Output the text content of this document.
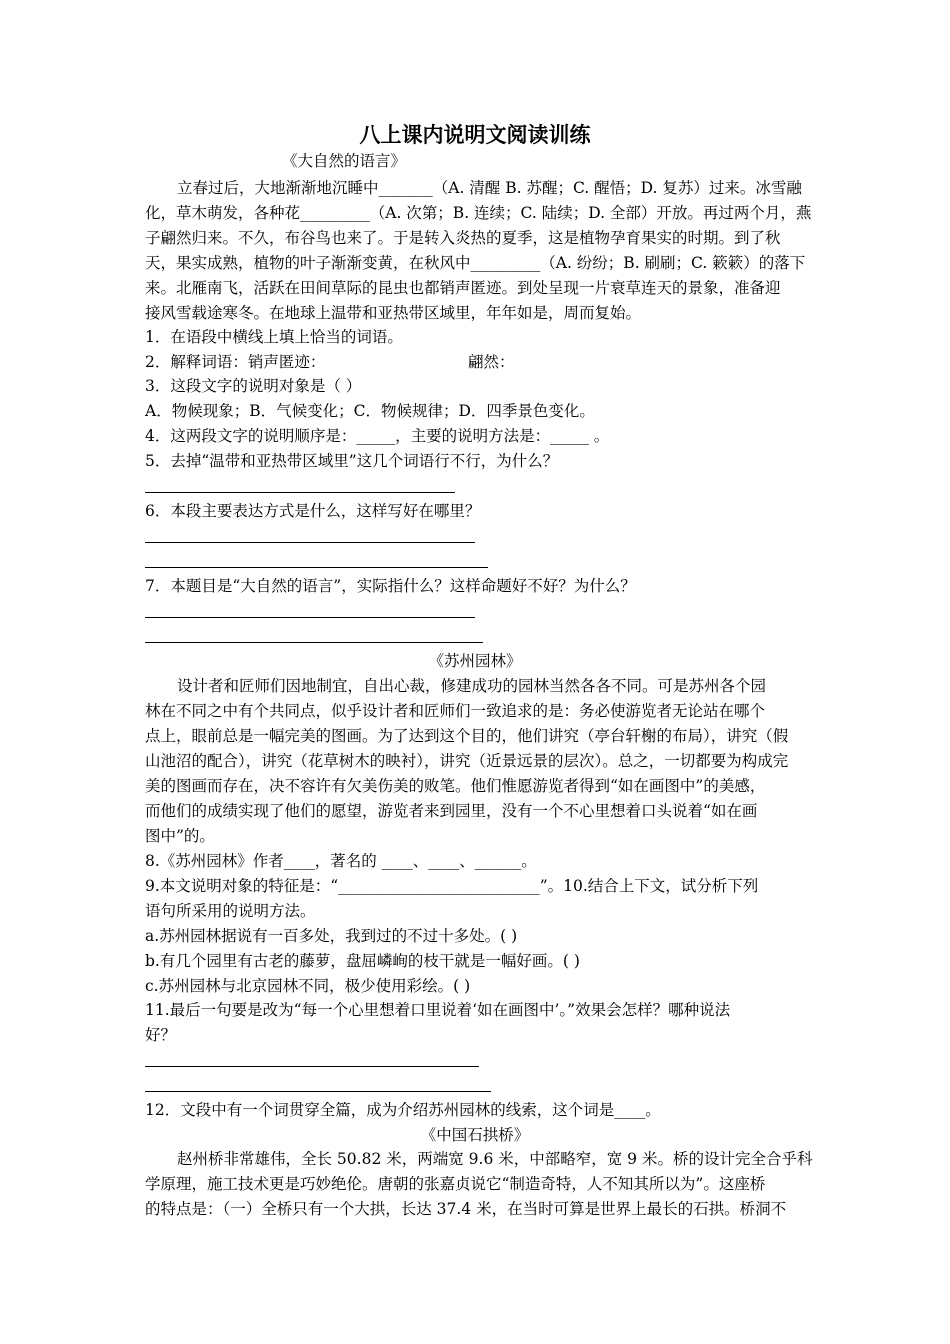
八上课内说明文阅读训练
《大自然的语言》
立春过后，大地渐渐地沉睡中_______（A. 清醒 B. 苏醒；C. 醒悟；D. 复苏）过来。冰雪融
化，草木萌发，各种花_________（A. 次第；B. 连续；C. 陆续；D. 全部）开放。再过两个月，燕
子翩然归来。不久，布谷鸟也来了。于是转入炎热的夏季，这是植物孕育果实的时期。到了秋
天，果实成熟，植物的叶子渐渐变黄，在秋风中_________（A. 纷纷；B. 刷刷；C. 簌簌）的落下
来。北雁南飞，活跃在田间草际的昆虫也都销声匿迹。到处呈现一片衰草连天的景象，准备迎
接风雪载途寒冬。在地球上温带和亚热带区域里，年年如是，周而复始。
1．在语段中横线上填上恰当的词语。
2．解释词语：销声匿迹：	翩然：
3．这段文字的说明对象是（ ）
A．物候现象；B．气候变化；C．物候规律；D．四季景色变化。
4．这两段文字的说明顺序是：_____，主要的说明方法是：_____ 。
5．去掉“温带和亚热带区域里”这几个词语行不行，为什么？
6．本段主要表达方式是什么，这样写好在哪里？
7．本题目是“大自然的语言”，实际指什么？这样命题好不好？为什么？
《苏州园林》
设计者和匠师们因地制宜，自出心裁，修建成功的园林当然各各不同。可是苏州各个园
林在不同之中有个共同点，似乎设计者和匠师们一致追求的是：务必使游览者无论站在哪个
点上，眼前总是一幅完美的图画。为了达到这个目的，他们讲究（亭台轩榭的布局），讲究（假
山池沼的配合），讲究（花草树木的映衬），讲究（近景远景的层次）。总之，一切都要为构成完
美的图画而存在，决不容许有欠美伤美的败笔。他们惟愿游览者得到“如在画图中”的美感，
而他们的成绩实现了他们的愿望，游览者来到园里，没有一个不心里想着口头说着“如在画
图中”的。
8.《苏州园林》作者____，著名的 ____、____、______。
9.本文说明对象的特征是：“__________________________”。10.结合上下文，试分析下列
语句所采用的说明方法。
a.苏州园林据说有一百多处，我到过的不过十多处。( )
b.有几个园里有古老的藤萝，盘屈嶙峋的枝干就是一幅好画。( )
c.苏州园林与北京园林不同，极少使用彩绘。( )
11.最后一句要是改为“每一个心里想着口里说着‘如在画图中’。”效果会怎样？哪种说法
好？
12．文段中有一个词贯穿全篇，成为介绍苏州园林的线索，这个词是____。
《中国石拱桥》
赵州桥非常雄伟，全长 50.82 米，两端宽 9.6 米，中部略窄，宽 9 米。桥的设计完全合乎科
学原理，施工技术更是巧妙绝伦。唐朝的张嘉贞说它“制造奇特，人不知其所以为”。这座桥
的特点是：（一）全桥只有一个大拱，长达 37.4 米，在当时可算是世界上最长的石拱。桥洞不
